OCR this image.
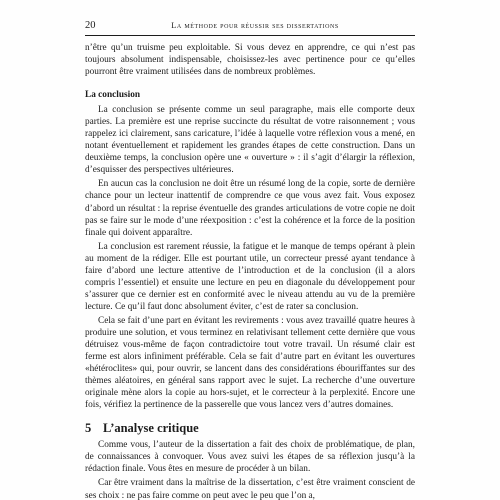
20	La méthode pour réussir ses dissertations

n’être qu’un truisme peu exploitable. Si vous devez en apprendre, ce qui n’est pas toujours absolument indispensable, choisissez-les avec pertinence pour ce qu’elles pourront être vraiment utilisées dans de nombreux problèmes.

La conclusion

La conclusion se présente comme un seul paragraphe, mais elle comporte deux parties. La première est une reprise succincte du résultat de votre raisonnement ; vous rappelez ici clairement, sans caricature, l’idée à laquelle votre réflexion vous a mené, en notant éventuellement et rapidement les grandes étapes de cette construction. Dans un deuxième temps, la conclusion opère une « ouverture » : il s’agit d’élargir la réflexion, d’esquisser des perspectives ultérieures.

En aucun cas la conclusion ne doit être un résumé long de la copie, sorte de dernière chance pour un lecteur inattentif de comprendre ce que vous avez fait. Vous exposez d’abord un résultat : la reprise éventuelle des grandes articulations de votre copie ne doit pas se faire sur le mode d’une réexposition : c’est la cohérence et la force de la position finale qui doivent apparaître.

La conclusion est rarement réussie, la fatigue et le manque de temps opérant à plein au moment de la rédiger. Elle est pourtant utile, un correcteur pressé ayant tendance à faire d’abord une lecture attentive de l’introduction et de la conclusion (il a alors compris l’essentiel) et ensuite une lecture en peu en diagonale du développement pour s’assurer que ce dernier est en conformité avec le niveau attendu au vu de la première lecture. Ce qu’il faut donc absolument éviter, c’est de rater sa conclusion.

Cela se fait d’une part en évitant les revirements : vous avez travaillé quatre heures à produire une solution, et vous terminez en relativisant tellement cette dernière que vous détruisez vous-même de façon contradictoire tout votre travail. Un résumé clair est ferme est alors infiniment préférable. Cela se fait d’autre part en évitant les ouvertures «hétéroclites» qui, pour ouvrir, se lancent dans des considérations ébouriffantes sur des thèmes aléatoires, en général sans rapport avec le sujet. La recherche d’une ouverture originale mène alors la copie au hors-sujet, et le correcteur à la perplexité. Encore une fois, vérifiez la pertinence de la passerelle que vous lancez vers d’autres domaines.

5 L’analyse critique

Comme vous, l’auteur de la dissertation a fait des choix de problématique, de plan, de connaissances à convoquer. Vous avez suivi les étapes de sa réflexion jusqu’à la rédaction finale. Vous êtes en mesure de procéder à un bilan.

Car être vraiment dans la maîtrise de la dissertation, c’est être vraiment conscient de ses choix : ne pas faire comme on peut avec le peu que l’on a,
